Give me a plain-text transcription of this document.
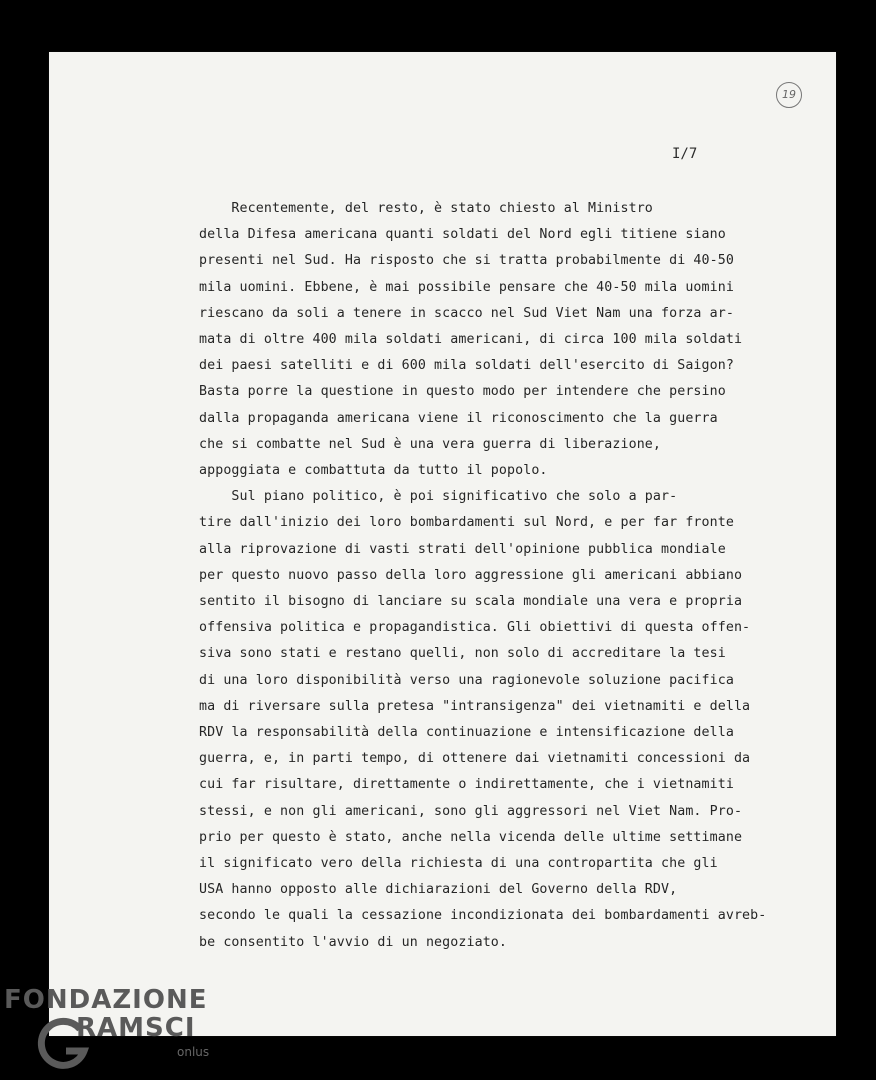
19
I/7
Recentemente, del resto, è stato chiesto al Ministro
della Difesa americana quanti soldati del Nord egli titiene siano
presenti nel Sud. Ha risposto che si tratta probabilmente di 40-50
mila uomini. Ebbene, è mai possibile pensare che 40-50 mila uomini
riescano da soli a tenere in scacco nel Sud Viet Nam una forza ar-
mata di oltre 400 mila soldati americani, di circa 100 mila soldati
dei paesi satelliti e di 600 mila soldati dell'esercito di Saigon?
Basta porre la questione in questo modo per intendere che persino
dalla propaganda americana viene il riconoscimento che la guerra
che si combatte nel Sud è una vera guerra di liberazione,
appoggiata e combattuta da tutto il popolo.
Sul piano politico, è poi significativo che solo a par-
tire dall'inizio dei loro bombardamenti sul Nord, e per far fronte
alla riprovazione di vasti strati dell'opinione pubblica mondiale
per questo nuovo passo della loro aggressione gli americani abbiano
sentito il bisogno di lanciare su scala mondiale una vera e propria
offensiva politica e propagandistica. Gli obiettivi di questa offen-
siva sono stati e restano quelli, non solo di accreditare la tesi
di una loro disponibilità verso una ragionevole soluzione pacifica
ma di riversare sulla pretesa "intransigenza" dei vietnamiti e della
RDV la responsabilità della continuazione e intensificazione della
guerra, e, in parti tempo, di ottenere dai vietnamiti concessioni da
cui far risultare, direttamente o indirettamente, che i vietnamiti
stessi, e non gli americani, sono gli aggressori nel Viet Nam. Pro-
prio per questo è stato, anche nella vicenda delle ultime settimane
il significato vero della richiesta di una contropartita che gli
USA hanno opposto alle dichiarazioni del Governo della RDV,
secondo le quali la cessazione incondizionata dei bombardamenti avreb-
be consentito l'avvio di un negoziato.
FONDAZIONE
RAMSCI
onlus
